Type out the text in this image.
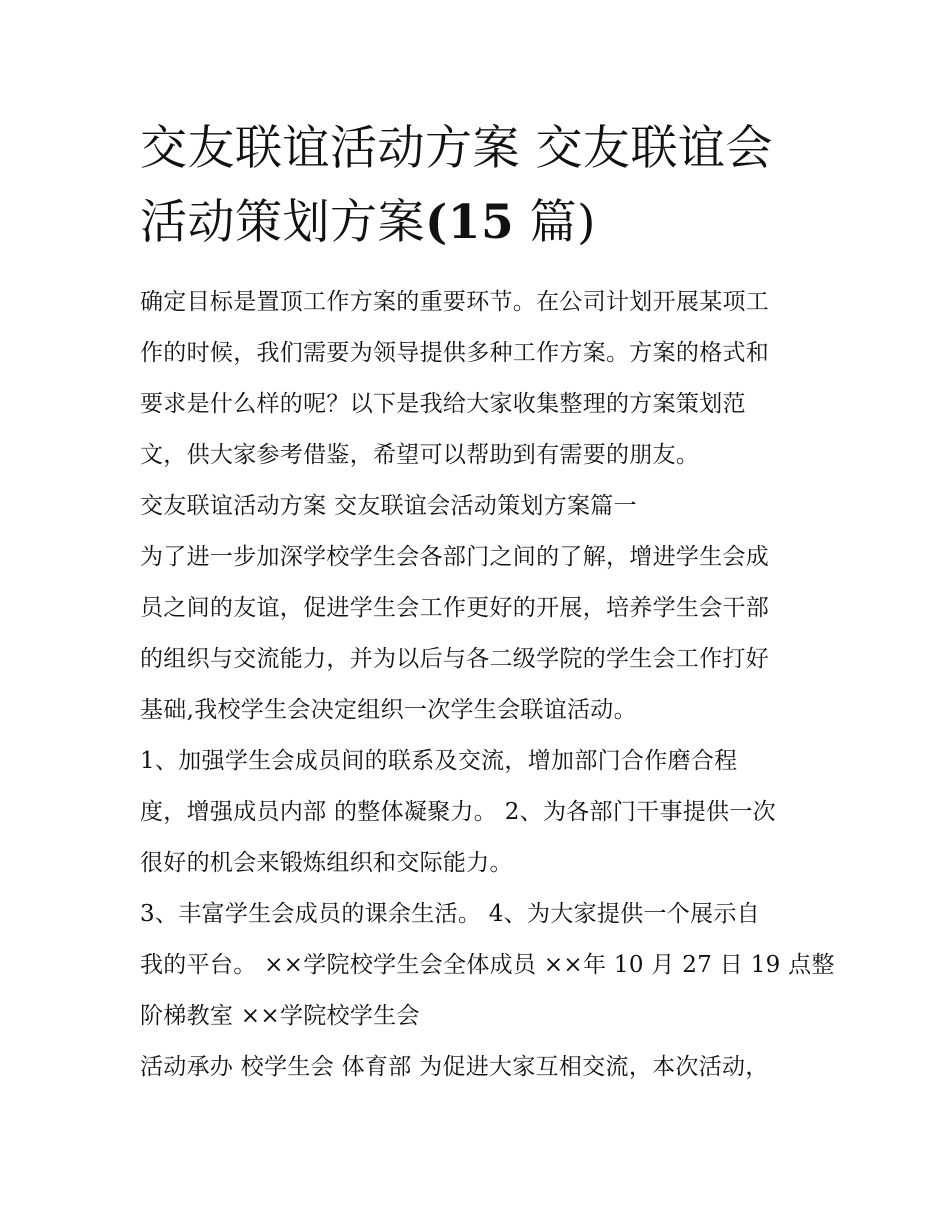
交友联谊活动方案 交友联谊会
活动策划方案(15 篇)
确定目标是置顶工作方案的重要环节。在公司计划开展某项工
作的时候，我们需要为领导提供多种工作方案。方案的格式和
要求是什么样的呢？以下是我给大家收集整理的方案策划范
文，供大家参考借鉴，希望可以帮助到有需要的朋友。
交友联谊活动方案 交友联谊会活动策划方案篇一
为了进一步加深学校学生会各部门之间的了解，增进学生会成
员之间的友谊，促进学生会工作更好的开展，培养学生会干部
的组织与交流能力，并为以后与各二级学院的学生会工作打好
基础,我校学生会决定组织一次学生会联谊活动。
1、加强学生会成员间的联系及交流，增加部门合作磨合程
度，增强成员内部 的整体凝聚力。 2、为各部门干事提供一次
很好的机会来锻炼组织和交际能力。
3、丰富学生会成员的课余生活。 4、为大家提供一个展示自
我的平台。 ××学院校学生会全体成员 ××年 10 月 27 日 19 点整
阶梯教室 ××学院校学生会
活动承办 校学生会 体育部 为促进大家互相交流，本次活动，
